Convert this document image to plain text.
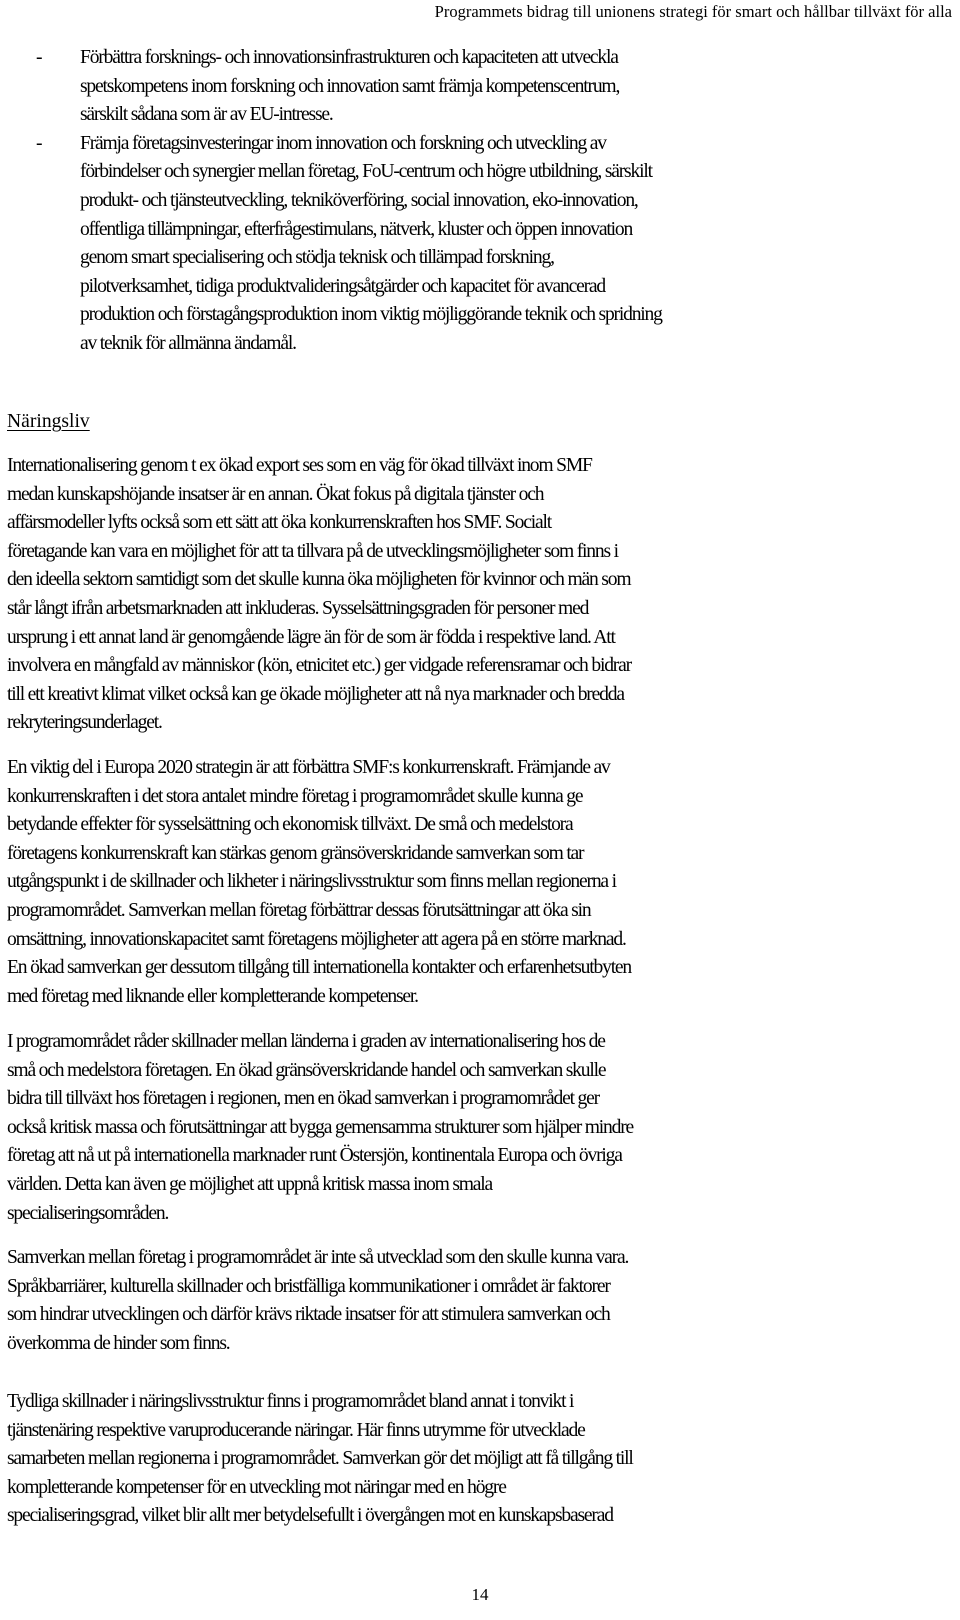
Programmets bidrag till unionens strategi för smart och hållbar tillväxt för alla
- Förbättra forsknings- och innovationsinfrastrukturen och kapaciteten att utveckla
spetskompetens inom forskning och innovation samt främja kompetenscentrum,
särskilt sådana som är av EU-intresse.
- Främja företagsinvesteringar inom innovation och forskning och utveckling av
förbindelser och synergier mellan företag, FoU-centrum och högre utbildning, särskilt
produkt- och tjänsteutveckling, tekniköverföring, social innovation, eko-innovation,
offentliga tillämpningar, efterfrågestimulans, nätverk, kluster och öppen innovation
genom smart specialisering och stödja teknisk och tillämpad forskning,
pilotverksamhet, tidiga produktvalideringsåtgärder och kapacitet för avancerad
produktion och förstagångsproduktion inom viktig möjliggörande teknik och spridning
av teknik för allmänna ändamål.
Näringsliv
Internationalisering genom t ex ökad export ses som en väg för ökad tillväxt inom SMF
medan kunskapshöjande insatser är en annan. Ökat fokus på digitala tjänster och
affärsmodeller lyfts också som ett sätt att öka konkurrenskraften hos SMF. Socialt
företagande kan vara en möjlighet för att ta tillvara på de utvecklingsmöjligheter som finns i
den ideella sektorn samtidigt som det skulle kunna öka möjligheten för kvinnor och män som
står långt ifrån arbetsmarknaden att inkluderas. Sysselsättningsgraden för personer med
ursprung i ett annat land är genomgående lägre än för de som är födda i respektive land. Att
involvera en mångfald av människor (kön, etnicitet etc.) ger vidgade referensramar och bidrar
till ett kreativt klimat vilket också kan ge ökade möjligheter att nå nya marknader och bredda
rekryteringsunderlaget.
En viktig del i Europa 2020 strategin är att förbättra SMF:s konkurrenskraft. Främjande av
konkurrenskraften i det stora antalet mindre företag i programområdet skulle kunna ge
betydande effekter för sysselsättning och ekonomisk tillväxt. De små och medelstora
företagens konkurrenskraft kan stärkas genom gränsöverskridande samverkan som tar
utgångspunkt i de skillnader och likheter i näringslivsstruktur som finns mellan regionerna i
programområdet. Samverkan mellan företag förbättrar dessas förutsättningar att öka sin
omsättning, innovationskapacitet samt företagens möjligheter att agera på en större marknad.
En ökad samverkan ger dessutom tillgång till internationella kontakter och erfarenhetsutbyten
med företag med liknande eller kompletterande kompetenser.
I programområdet råder skillnader mellan länderna i graden av internationalisering hos de
små och medelstora företagen. En ökad gränsöverskridande handel och samverkan skulle
bidra till tillväxt hos företagen i regionen, men en ökad samverkan i programområdet ger
också kritisk massa och förutsättningar att bygga gemensamma strukturer som hjälper mindre
företag att nå ut på internationella marknader runt Östersjön, kontinentala Europa och övriga
världen. Detta kan även ge möjlighet att uppnå kritisk massa inom smala
specialiseringsområden.
Samverkan mellan företag i programområdet är inte så utvecklad som den skulle kunna vara.
Språkbarriärer, kulturella skillnader och bristfälliga kommunikationer i området är faktorer
som hindrar utvecklingen och därför krävs riktade insatser för att stimulera samverkan och
överkomma de hinder som finns.
Tydliga skillnader i näringslivsstruktur finns i programområdet bland annat i tonvikt i
tjänstenäring respektive varuproducerande näringar. Här finns utrymme för utvecklade
samarbeten mellan regionerna i programområdet. Samverkan gör det möjligt att få tillgång till
kompletterande kompetenser för en utveckling mot näringar med en högre
specialiseringsgrad, vilket blir allt mer betydelsefullt i övergången mot en kunskapsbaserad
14
